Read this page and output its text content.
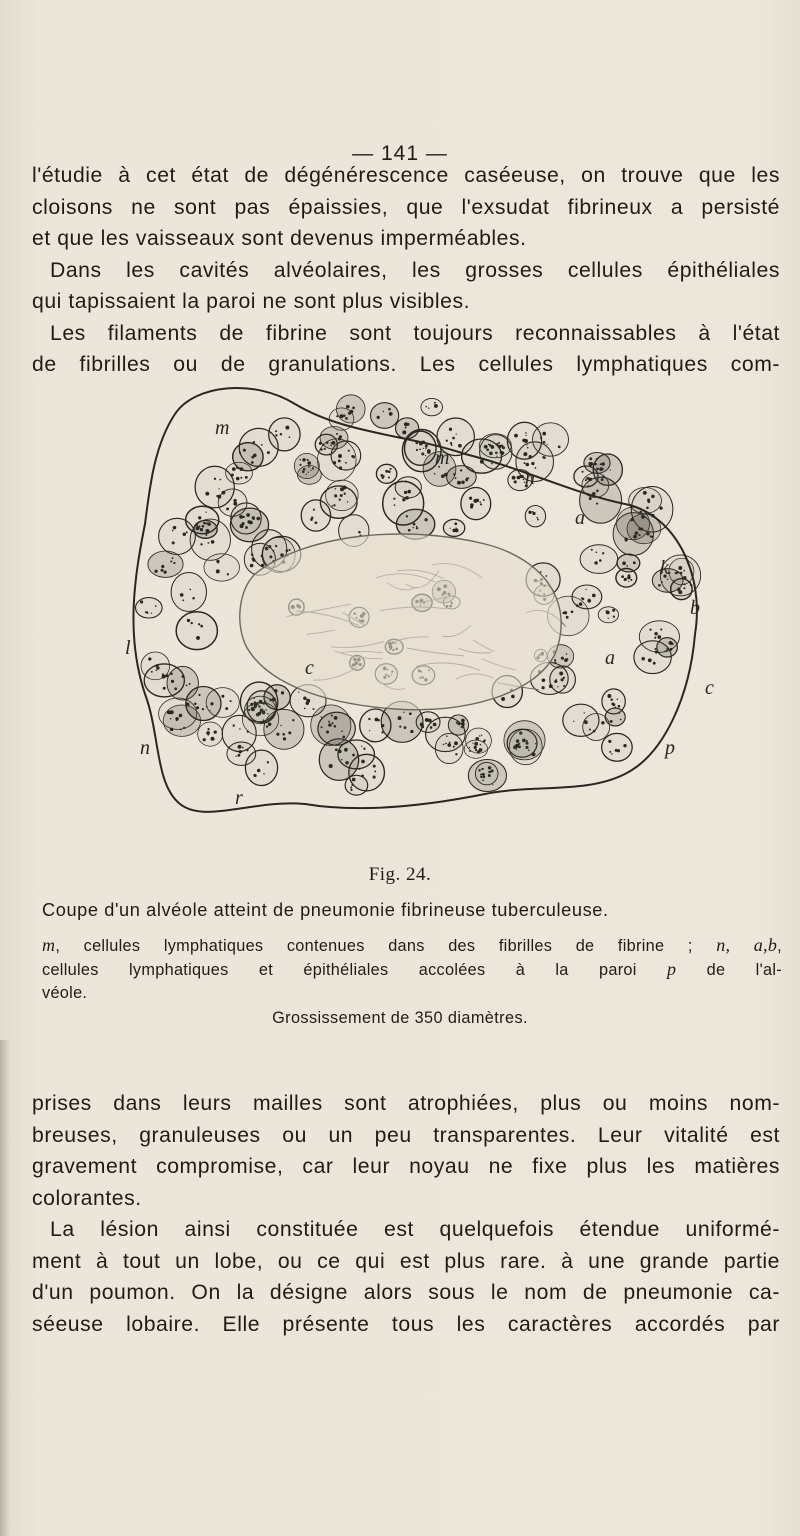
— 141 —
l'étudie à cet état de dégénérescence caséeuse, on trouve que les
cloisons ne sont pas épaissies, que l'exsudat fibrineux a persisté
et que les vaisseaux sont devenus imperméables.
Dans les cavités alvéolaires, les grosses cellules épithéliales
qui tapissaient la paroi ne sont plus visibles.
Les filaments de fibrine sont toujours reconnaissables à l'état
de fibrilles ou de granulations. Les cellules lymphatiques com-
m
n
a
b
c
p
l
r
n
k
a
c
m
Fig. 24.
Coupe d'un alvéole atteint de pneumonie fibrineuse tuberculeuse.
m, cellules lymphatiques contenues dans des fibrilles de fibrine ; n, a,b,
cellules lymphatiques et épithéliales accolées à la paroi p de l'al-
véole.
Grossissement de 350 diamètres.
prises dans leurs mailles sont atrophiées, plus ou moins nom-
breuses, granuleuses ou un peu transparentes. Leur vitalité est
gravement compromise, car leur noyau ne fixe plus les matières
colorantes.
La lésion ainsi constituée est quelquefois étendue uniformé-
ment à tout un lobe, ou ce qui est plus rare. à une grande partie
d'un poumon. On la désigne alors sous le nom de pneumonie ca-
séeuse lobaire. Elle présente tous les caractères accordés par
